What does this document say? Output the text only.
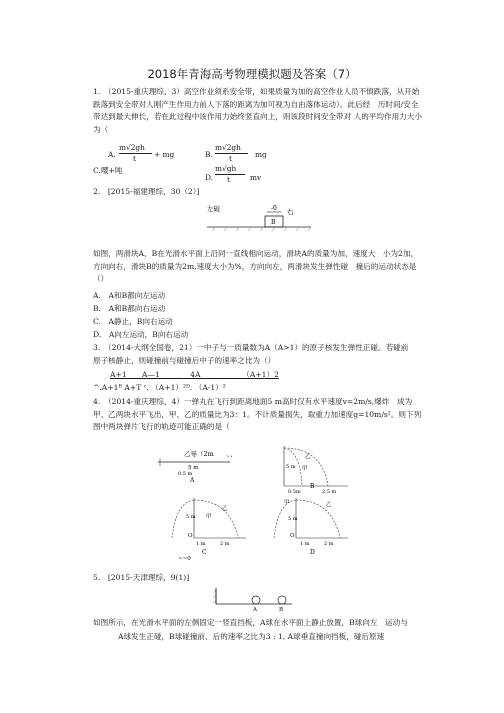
2018年青海高考物理模拟题及答案（7）
1.　（2015-重庆理综，3）高空作业须系安全带，如果质量为加的高空作业人员不慎跌落，从开始跌落到安全带对人刚产生作用力前人下落的距离为加可视为自由落体运动）。此后经　历时间/安全带达到最大伸长，若在此过程中该作用力始终竖直向上，则该段时间安全带对 人的平均作用力大小为（
A.
m√2gh
t + mg	B.
m√2gh
t	mg
C.嘤+吨
D.
m√gh
t	mv
2.　[2015-福建理综，30（2）]
左破	-0 右
B
如图，两滑块A、B在光滑水平面上沿同一直线相向运动，滑块A的质量为加，速度大　小为2加，方向向右，滑块B的质量为2m,速度大小为%，方向向左，两滑块发生弹性碰　撞后的运动状态是（）
A.　A和B都向左运动
B.　A和B都向右运动
C.　A静止，B向右运动
D.　A向左运动，B向右运动
3.　（2014-大纲全国卷，21）一中子与一质量数为A（A>1）的原子核发生弹性正碰。若碰前　原子核静止，则碰撞前与碰撞后中子的速率之比为（）
A+1　　A—1　　　　4A　　　　　　（A+1）2
^.A+1ᴮ A+T ᶜ. （A+1）²ᴰ. （A-1）²
4.　（2014-重庆理综，4）一弹丸在飞行到距离地面5 m高时仅有水平速度v=2m/s,爆炸　成为甲、乙两块水平飞出，甲、乙的质量比为3：1。不计质量损失，取重力加速度g=10m/s²。则下列图中两块弹片飞行的轨迹可能正确的是（
乙导（2m　　、、
5 m
0.5 m
A
乙
甲
5 m
2.5 m
0.5m
B
5 m 甲
乙
O
1 m	2 m
C
甲	乙
5 m
O
1 m	2 m
D
~~0
5.　[2015-天津理综，9(1)]
A	B
如图所示，在光滑水平面的左侧固定一竖直挡板，A球在水平面上静止放置，B球向左　运动与
A球发生正碰，B球碰撞前、后的速率之比为3 : 1, A球垂直撞向挡板，碰后原速
